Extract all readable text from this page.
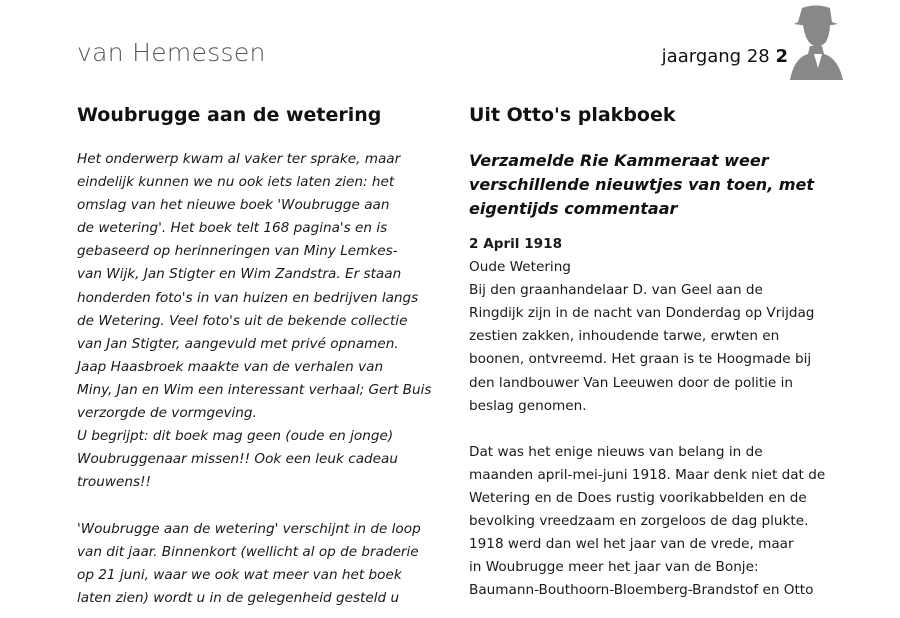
van Hemessen	jaargang 28 2
Woubrugge aan de wetering
Het onderwerp kwam al vaker ter sprake, maar
eindelijk kunnen we nu ook iets laten zien: het
omslag van het nieuwe boek 'Woubrugge aan
de wetering'. Het boek telt 168 pagina's en is
gebaseerd op herinneringen van Miny Lemkes-
van Wijk, Jan Stigter en Wim Zandstra. Er staan
honderden foto's in van huizen en bedrijven langs
de Wetering. Veel foto's uit de bekende collectie
van Jan Stigter, aangevuld met privé opnamen.
Jaap Haasbroek maakte van de verhalen van
Miny, Jan en Wim een interessant verhaal; Gert Buis
verzorgde de vormgeving.
U begrijpt: dit boek mag geen (oude en jonge)
Woubruggenaar missen!! Ook een leuk cadeau
trouwens!!
'Woubrugge aan de wetering' verschijnt in de loop
van dit jaar. Binnenkort (wellicht al op de braderie
op 21 juni, waar we ook wat meer van het boek
laten zien) wordt u in de gelegenheid gesteld u
Uit Otto's plakboek
Verzamelde Rie Kammeraat weer verschillende nieuwtjes van toen, met eigentijds commentaar
2 April 1918
Oude Wetering
Bij den graanhandelaar D. van Geel aan de
Ringdijk zijn in de nacht van Donderdag op Vrijdag
zestien zakken, inhoudende tarwe, erwten en
boonen, ontvreemd. Het graan is te Hoogmade bij
den landbouwer Van Leeuwen door de politie in
beslag genomen.
Dat was het enige nieuws van belang in de
maanden april-mei-juni 1918. Maar denk niet dat de
Wetering en de Does rustig voorikabbelden en de
bevolking vreedzaam en zorgeloos de dag plukte.
1918 werd dan wel het jaar van de vrede, maar
in Woubrugge meer het jaar van de Bonje:
Baumann-Bouthoorn-Bloemberg-Brandstof en Otto
